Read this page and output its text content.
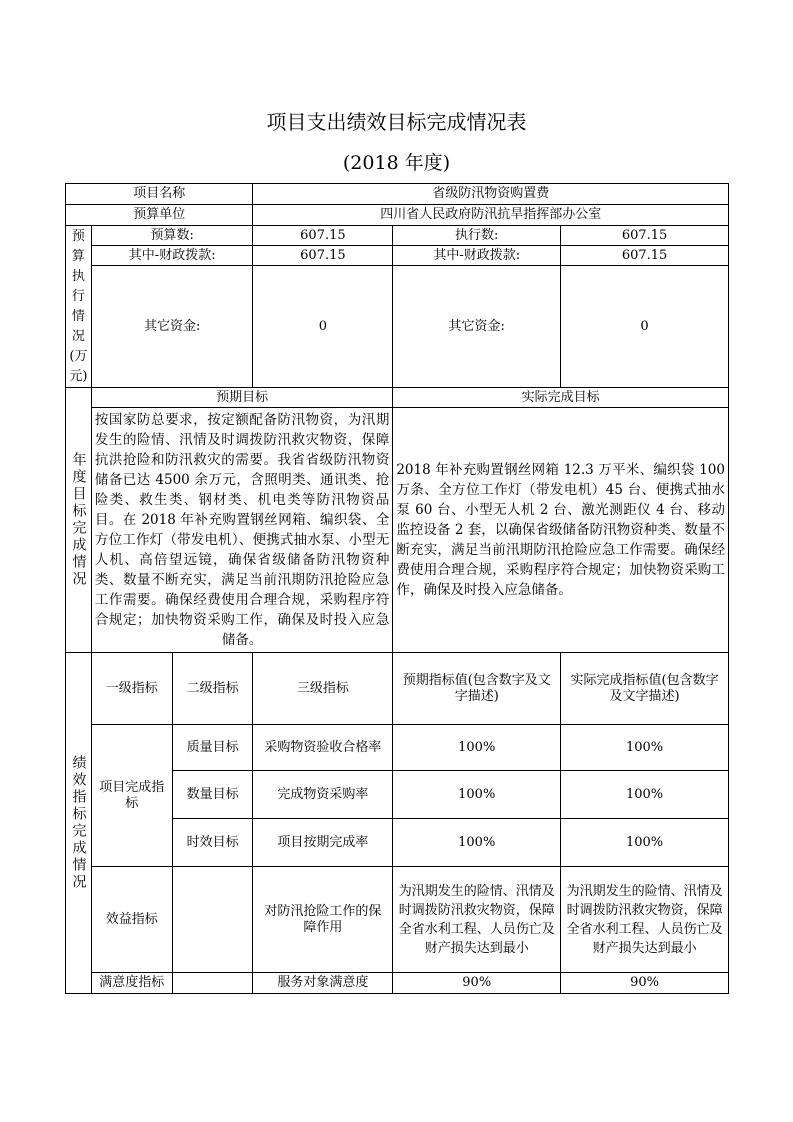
项目支出绩效目标完成情况表
(2018 年度)
项目名称			省级防汛物资购置费		
预算单位			四川省人民政府防汛抗旱指挥部办公室		

预算执行情况(万元)	预算数:		607.15	执行数:	607.15
	其中-财政拨款:		607.15	其中-财政拨款:	607.15
	其它资金:		0	其它资金:	0

年度目标完成情况	预期目标			实际完成目标	

	按国家防总要求，按定额配备防汛物资，为汛期发生的险情、汛情及时调拨防汛救灾物资，保障抗洪抢险和防汛救灾的需要。我省省级防汛物资储备已达 4500 余万元，含照明类、通讯类、抢险类、救生类、钢材类、机电类等防汛物资品目。在 2018 年补充购置钢丝网箱、编织袋、全方位工作灯（带发电机）、便携式抽水泵、小型无人机、高倍望远镜，确保省级储备防汛物资种类、数量不断充实，满足当前汛期防汛抢险应急工作需要。确保经费使用合理合规，采购程序符合规定；加快物资采购工作，确保及时投入应急储备。			2018 年补充购置钢丝网箱 12.3 万平米、编织袋 100 万条、全方位工作灯（带发电机）45 台、便携式抽水泵 60 台、小型无人机 2 台、激光测距仪 4 台、移动监控设备 2 套，以确保省级储备防汛物资种类、数量不断充实，满足当前汛期防汛抢险应急工作需要。确保经费使用合理合规，采购程序符合规定；加快物资采购工作，确保及时投入应急储备。	

绩效指标完成情况	一级指标	二级指标	三级指标	预期指标值(包含数字及文字描述)	实际完成指标值(包含数字及文字描述)
	项目完成指标	质量目标	采购物资验收合格率	100%	100%
		数量目标	完成物资采购率	100%	100%
		时效目标	项目按期完成率	100%	100%
	效益指标		对防汛抢险工作的保障作用	为汛期发生的险情、汛情及时调拨防汛救灾物资，保障全省水利工程、人员伤亡及财产损失达到最小	为汛期发生的险情、汛情及时调拨防汛救灾物资，保障全省水利工程、人员伤亡及财产损失达到最小
	满意度指标		服务对象满意度	90%	90%
